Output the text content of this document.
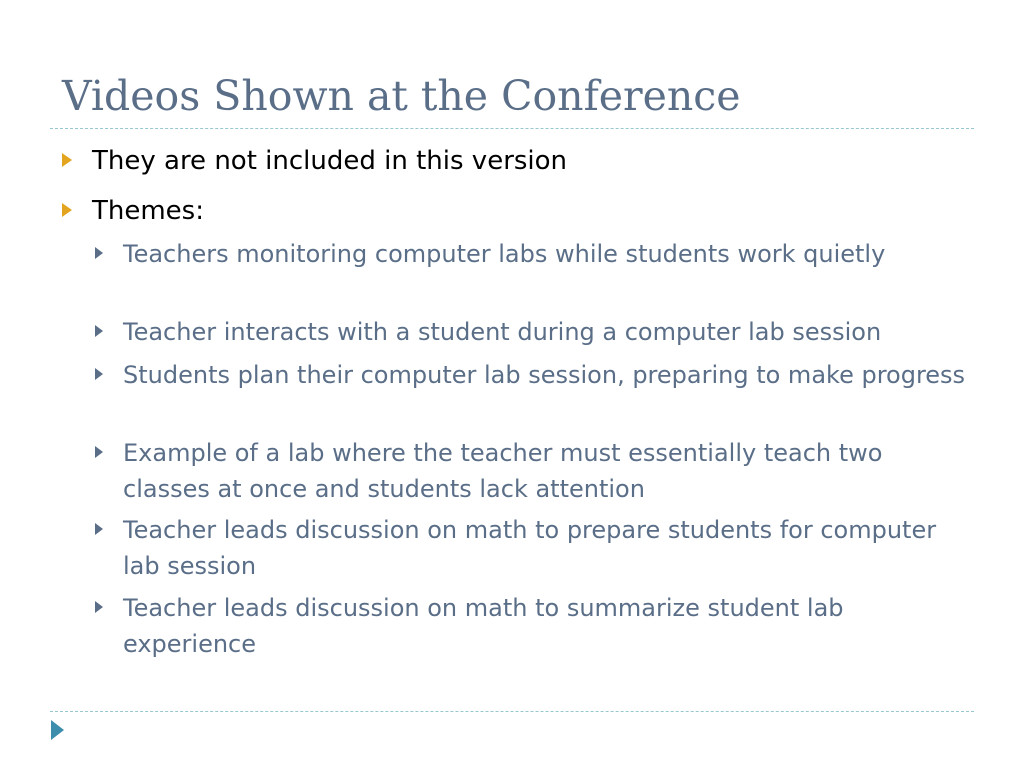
Videos Shown at the Conference
They are not included in this version
Themes:
Teachers monitoring computer labs while students work quietly
Teacher interacts with a student during a computer lab session
Students plan their computer lab session, preparing to make progress
Example of a lab where the teacher must essentially teach two classes at once and students lack attention
Teacher leads discussion on math to prepare students for computer lab session
Teacher leads discussion on math to summarize student lab experience
